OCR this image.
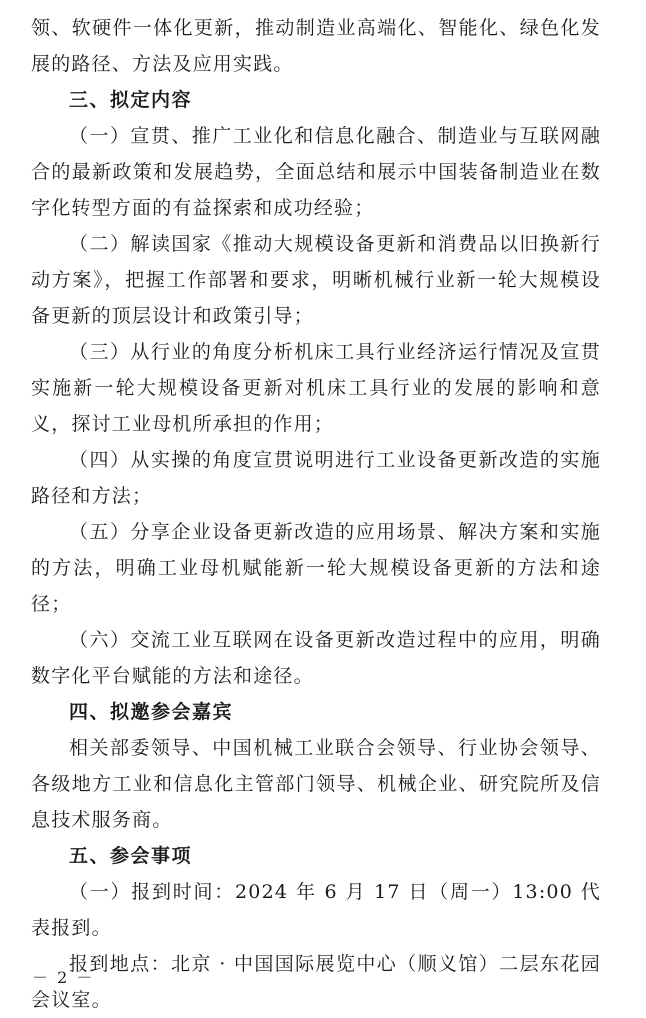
领、软硬件一体化更新，推动制造业高端化、智能化、绿色化发展的路径、方法及应用实践。

三、拟定内容

（一）宣贯、推广工业化和信息化融合、制造业与互联网融合的最新政策和发展趋势，全面总结和展示中国装备制造业在数字化转型方面的有益探索和成功经验；

（二）解读国家《推动大规模设备更新和消费品以旧换新行动方案》，把握工作部署和要求，明晰机械行业新一轮大规模设备更新的顶层设计和政策引导；

（三）从行业的角度分析机床工具行业经济运行情况及宣贯实施新一轮大规模设备更新对机床工具行业的发展的影响和意义，探讨工业母机所承担的作用；

（四）从实操的角度宣贯说明进行工业设备更新改造的实施路径和方法；

（五）分享企业设备更新改造的应用场景、解决方案和实施的方法，明确工业母机赋能新一轮大规模设备更新的方法和途径；

（六）交流工业互联网在设备更新改造过程中的应用，明确数字化平台赋能的方法和途径。

四、拟邀参会嘉宾

相关部委领导、中国机械工业联合会领导、行业协会领导、各级地方工业和信息化主管部门领导、机械企业、研究院所及信息技术服务商。

五、参会事项

（一）报到时间：2024 年 6 月 17 日（周一）13:00 代表报到。

报到地点：北京 · 中国国际展览中心（顺义馆）二层东花园会议室。

－ 2 －
